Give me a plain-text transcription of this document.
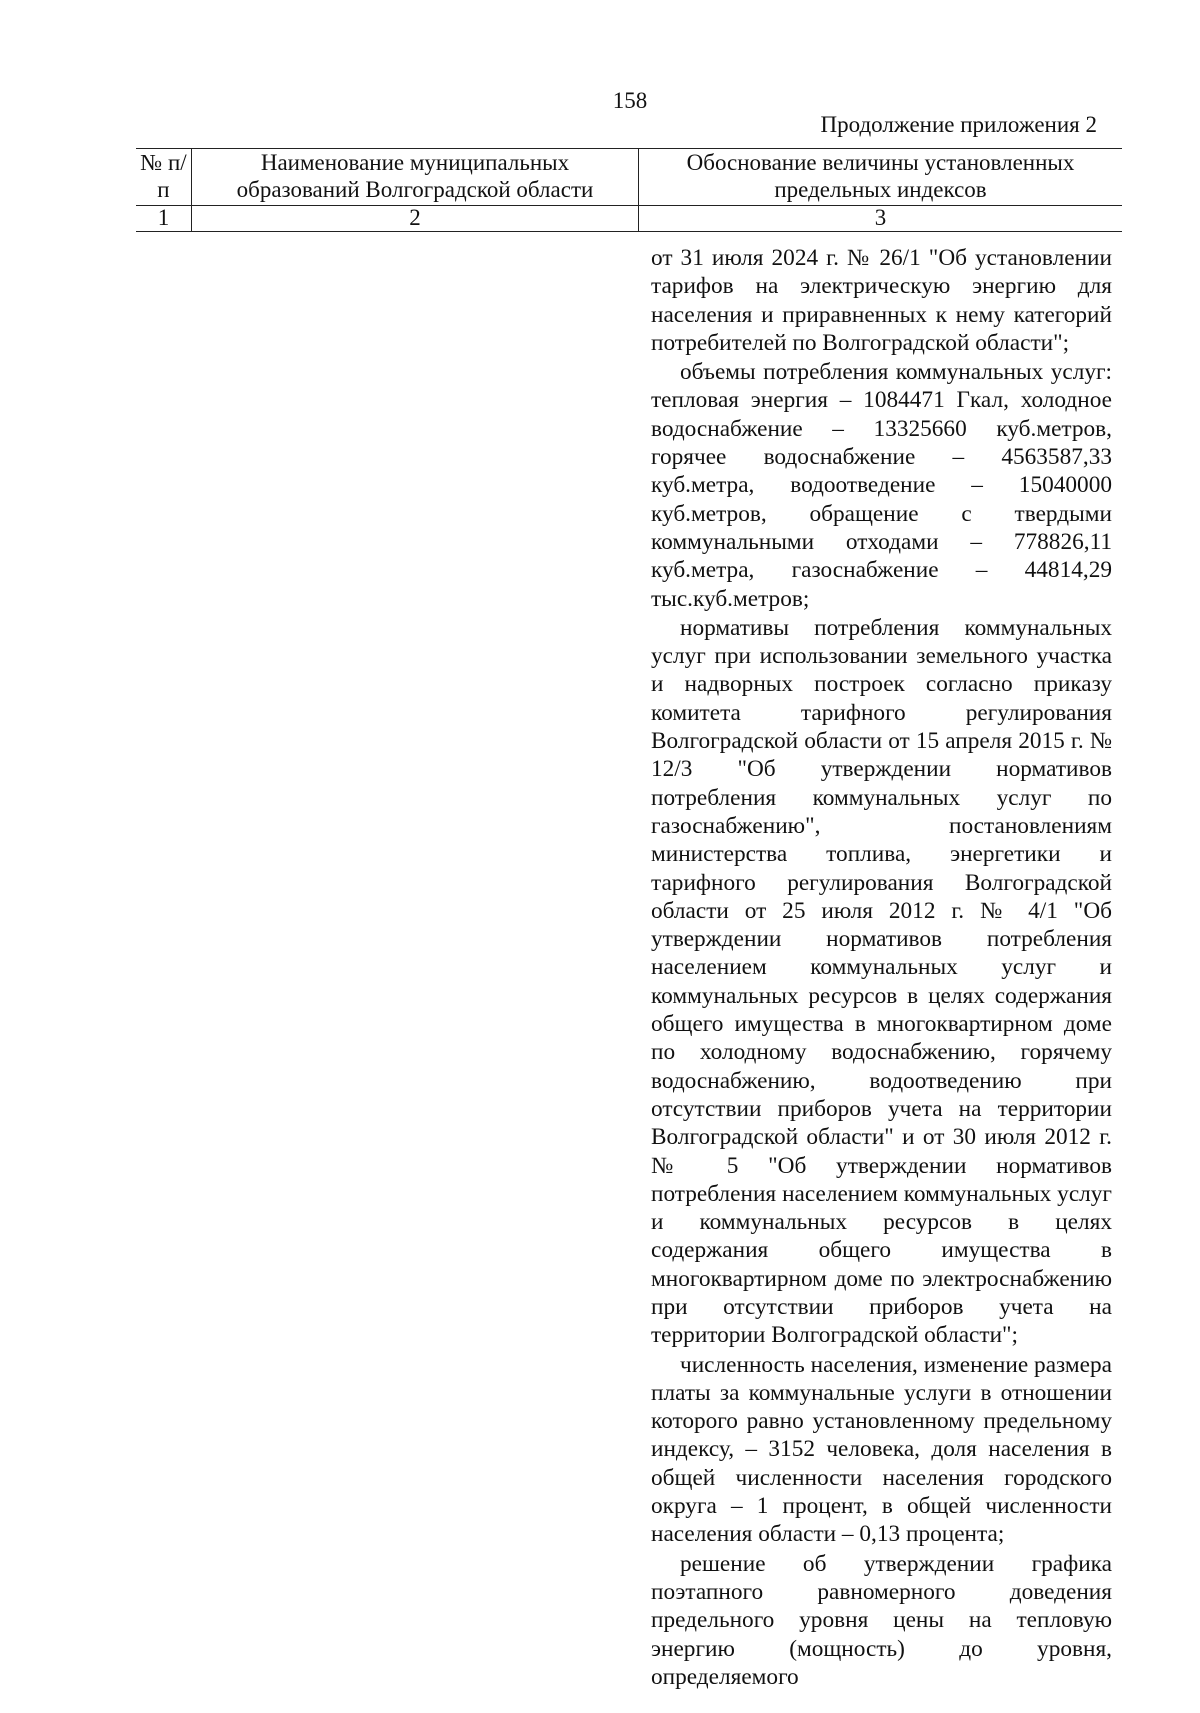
158
Продолжение приложения 2
№ п/п	Наименование муниципальных образований Волгоградской области	Обоснование величины установленных предельных индексов

1	2	3

от 31 июля 2024 г. № 26/1 "Об установлении тарифов на электрическую энергию для населения и приравненных к нему категорий потребителей по Волгоградской области";

объемы потребления коммунальных услуг: тепловая энергия – 1084471 Гкал, холодное водоснабжение – 13325660 куб.метров, горячее водоснабжение – 4563587,33 куб.метра, водоотведение – 15040000 куб.метров, обращение с твердыми коммунальными отходами – 778826,11 куб.метра, газоснабжение – 44814,29 тыс.куб.метров;

нормативы потребления коммунальных услуг при использовании земельного участка и надворных построек согласно приказу комитета тарифного регулирования Волгоградской области от 15 апреля 2015 г. № 12/3 "Об утверждении нормативов потребления коммунальных услуг по газоснабжению", постановлениям министерства топлива, энергетики и тарифного регулирования Волгоградской области от 25 июля 2012 г. № 4/1 "Об утверждении нормативов потребления населением коммунальных услуг и коммунальных ресурсов в целях содержания общего имущества в многоквартирном доме по холодному водоснабжению, горячему водоснабжению, водоотведению при отсутствии приборов учета на территории Волгоградской области" и от 30 июля 2012 г. № 5 "Об утверждении нормативов потребления населением коммунальных услуг и коммунальных ресурсов в целях содержания общего имущества в многоквартирном доме по электроснабжению при отсутствии приборов учета на территории Волгоградской области";

численность населения, изменение размера платы за коммунальные услуги в отношении которого равно установленному предельному индексу, – 3152 человека, доля населения в общей численности населения городского округа – 1 процент, в общей численности населения области – 0,13 процента;

решение об утверждении графика поэтапного равномерного доведения предельного уровня цены на тепловую энергию (мощность) до уровня, определяемого
